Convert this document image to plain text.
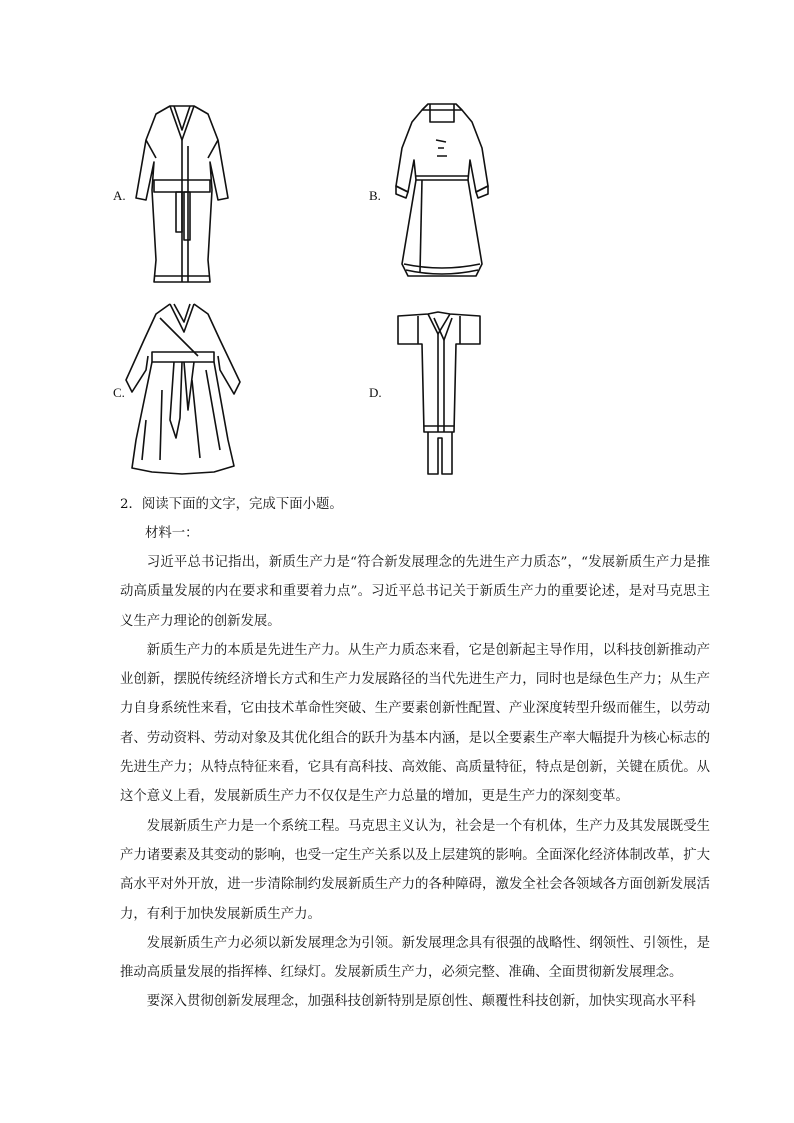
A.	B.
C.	D.
2．阅读下面的文字，完成下面小题。
材料一：

习近平总书记指出，新质生产力是“符合新发展理念的先进生产力质态”，“发展新质生产力是推动高质量发展的内在要求和重要着力点”。习近平总书记关于新质生产力的重要论述，是对马克思主义生产力理论的创新发展。

新质生产力的本质是先进生产力。从生产力质态来看，它是创新起主导作用，以科技创新推动产业创新，摆脱传统经济增长方式和生产力发展路径的当代先进生产力，同时也是绿色生产力；从生产力自身系统性来看，它由技术革命性突破、生产要素创新性配置、产业深度转型升级而催生，以劳动者、劳动资料、劳动对象及其优化组合的跃升为基本内涵，是以全要素生产率大幅提升为核心标志的先进生产力；从特点特征来看，它具有高科技、高效能、高质量特征，特点是创新，关键在质优。从这个意义上看，发展新质生产力不仅仅是生产力总量的增加，更是生产力的深刻变革。

发展新质生产力是一个系统工程。马克思主义认为，社会是一个有机体，生产力及其发展既受生产力诸要素及其变动的影响，也受一定生产关系以及上层建筑的影响。全面深化经济体制改革，扩大高水平对外开放，进一步清除制约发展新质生产力的各种障碍，激发全社会各领域各方面创新发展活力，有利于加快发展新质生产力。

发展新质生产力必须以新发展理念为引领。新发展理念具有很强的战略性、纲领性、引领性，是推动高质量发展的指挥棒、红绿灯。发展新质生产力，必须完整、准确、全面贯彻新发展理念。

要深入贯彻创新发展理念，加强科技创新特别是原创性、颠覆性科技创新，加快实现高水平科
